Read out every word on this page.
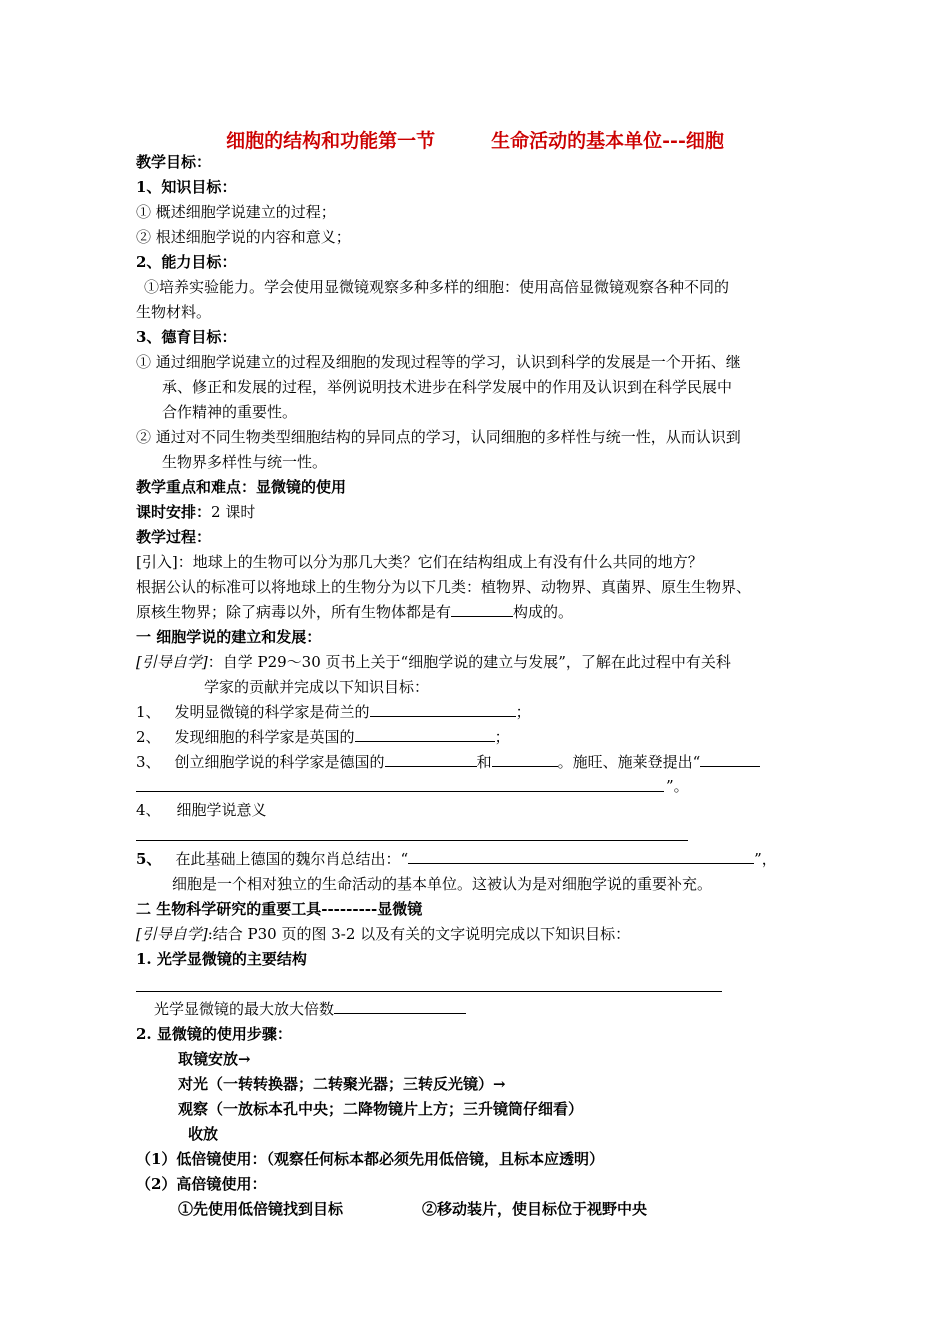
细胞的结构和功能第一节	生命活动的基本单位---细胞
教学目标：
1、知识目标：
① 概述细胞学说建立的过程；
② 根述细胞学说的内容和意义；
2、能力目标：
①培养实验能力。学会使用显微镜观察多种多样的细胞：使用高倍显微镜观察各种不同的
生物材料。
3、德育目标：
① 通过细胞学说建立的过程及细胞的发现过程等的学习，认识到科学的发展是一个开拓、继
承、修正和发展的过程，举例说明技术进步在科学发展中的作用及认识到在科学民展中
合作精神的重要性。
② 通过对不同生物类型细胞结构的异同点的学习，认同细胞的多样性与统一性，从而认识到
生物界多样性与统一性。
教学重点和难点：显微镜的使用
课时安排：2 课时
教学过程：
[引入]：地球上的生物可以分为那几大类？它们在结构组成上有没有什么共同的地方？
根据公认的标准可以将地球上的生物分为以下几类：植物界、动物界、真菌界、原生生物界、
原核生物界；除了病毒以外，所有生物体都是有	构成的。
一 细胞学说的建立和发展：
[引导自学]：自学 P29～30 页书上关于“细胞学说的建立与发展”，了解在此过程中有关科
学家的贡献并完成以下知识目标：
1、 发明显微镜的科学家是荷兰的	；
2、 发现细胞的科学家是英国的	；
3、 创立细胞学说的科学家是德国的	和	。施旺、施莱登提出“
”。
4、 细胞学说意义
5、 在此基础上德国的魏尔肖总结出：“	”，
细胞是一个相对独立的生命活动的基本单位。这被认为是对细胞学说的重要补充。
二 生物科学研究的重要工具---------显微镜
[引导自学]:结合 P30 页的图 3-2 以及有关的文字说明完成以下知识目标：
1. 光学显微镜的主要结构
光学显微镜的最大放大倍数
2. 显微镜的使用步骤：
取镜安放→
对光（一转转换器；二转聚光器；三转反光镜）→
观察（一放标本孔中央；二降物镜片上方；三升镜筒仔细看）
收放
（1）低倍镜使用：（观察任何标本都必须先用低倍镜，且标本应透明）
（2）高倍镜使用：
①先使用低倍镜找到目标	②移动装片，使目标位于视野中央
